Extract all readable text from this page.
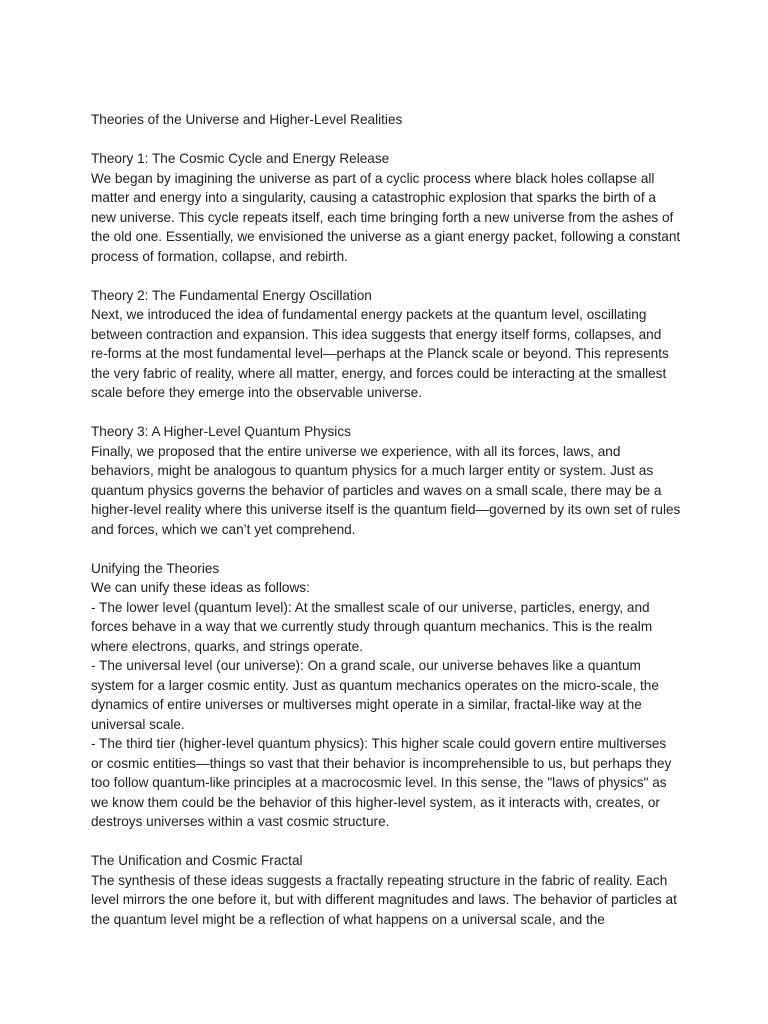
Theories of the Universe and Higher-Level Realities

Theory 1: The Cosmic Cycle and Energy Release

We began by imagining the universe as part of a cyclic process where black holes collapse all matter and energy into a singularity, causing a catastrophic explosion that sparks the birth of a new universe. This cycle repeats itself, each time bringing forth a new universe from the ashes of the old one. Essentially, we envisioned the universe as a giant energy packet, following a constant process of formation, collapse, and rebirth.

Theory 2: The Fundamental Energy Oscillation

Next, we introduced the idea of fundamental energy packets at the quantum level, oscillating between contraction and expansion. This idea suggests that energy itself forms, collapses, and re-forms at the most fundamental level—perhaps at the Planck scale or beyond. This represents the very fabric of reality, where all matter, energy, and forces could be interacting at the smallest scale before they emerge into the observable universe.

Theory 3: A Higher-Level Quantum Physics

Finally, we proposed that the entire universe we experience, with all its forces, laws, and behaviors, might be analogous to quantum physics for a much larger entity or system. Just as quantum physics governs the behavior of particles and waves on a small scale, there may be a higher-level reality where this universe itself is the quantum field—governed by its own set of rules and forces, which we can’t yet comprehend.

Unifying the Theories

We can unify these ideas as follows:

- The lower level (quantum level): At the smallest scale of our universe, particles, energy, and forces behave in a way that we currently study through quantum mechanics. This is the realm where electrons, quarks, and strings operate.

- The universal level (our universe): On a grand scale, our universe behaves like a quantum system for a larger cosmic entity. Just as quantum mechanics operates on the micro-scale, the dynamics of entire universes or multiverses might operate in a similar, fractal-like way at the universal scale.

- The third tier (higher-level quantum physics): This higher scale could govern entire multiverses or cosmic entities—things so vast that their behavior is incomprehensible to us, but perhaps they too follow quantum-like principles at a macrocosmic level. In this sense, the "laws of physics" as we know them could be the behavior of this higher-level system, as it interacts with, creates, or destroys universes within a vast cosmic structure.

The Unification and Cosmic Fractal

The synthesis of these ideas suggests a fractally repeating structure in the fabric of reality. Each level mirrors the one before it, but with different magnitudes and laws. The behavior of particles at the quantum level might be a reflection of what happens on a universal scale, and the
